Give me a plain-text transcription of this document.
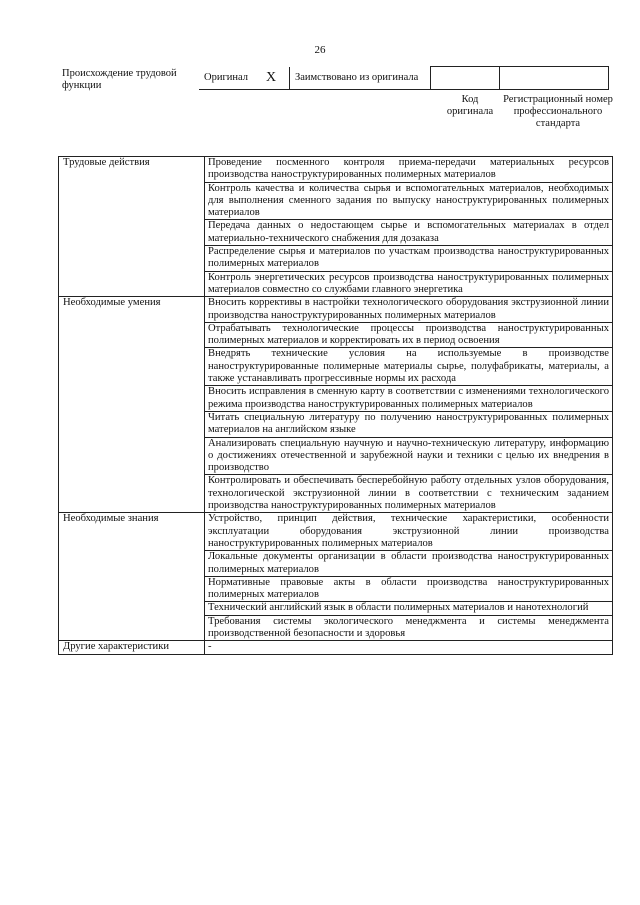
26
Происхождение трудовой функции
Оригинал	X	Заимствовано из оригинала		
Код оригинала
Регистрационный номер профессионального стандарта
Трудовые действия	Проведение посменного контроля приема-передачи материальных ресурсов производства наноструктурированных полимерных материалов
	Контроль качества и количества сырья и вспомогательных материалов, необходимых для выполнения сменного задания по выпуску наноструктурированных полимерных материалов
	Передача данных о недостающем сырье и вспомогательных материалах в отдел материально-технического снабжения для дозаказа
	Распределение сырья и материалов по участкам производства наноструктурированных полимерных материалов
	Контроль энергетических ресурсов производства наноструктурированных полимерных материалов совместно со службами главного энергетика
Необходимые умения	Вносить коррективы в настройки технологического оборудования экструзионной линии производства наноструктурированных полимерных материалов
	Отрабатывать технологические процессы производства наноструктурированных полимерных материалов и корректировать их в период освоения
	Внедрять технические условия на используемые в производстве наноструктурированные полимерные материалы сырье, полуфабрикаты, материалы, а также устанавливать прогрессивные нормы их расхода
	Вносить исправления в сменную карту в соответствии с изменениями технологического режима производства наноструктурированных полимерных материалов
	Читать специальную литературу по получению наноструктурированных полимерных материалов на английском языке
	Анализировать специальную научную и научно-техническую литературу, информацию о достижениях отечественной и зарубежной науки и техники с целью их внедрения в производство
	Контролировать и обеспечивать бесперебойную работу отдельных узлов оборудования, технологической экструзионной линии в соответствии с техническим заданием производства наноструктурированных полимерных материалов
Необходимые знания	Устройство, принцип действия, технические характеристики, особенности эксплуатации оборудования экструзионной линии производства наноструктурированных полимерных материалов
	Локальные документы организации в области производства наноструктурированных полимерных материалов
	Нормативные правовые акты в области производства наноструктурированных полимерных материалов
	Технический английский язык в области полимерных материалов и нанотехнологий
	Требования системы экологического менеджмента и системы менеджмента производственной безопасности и здоровья
Другие характеристики	-
